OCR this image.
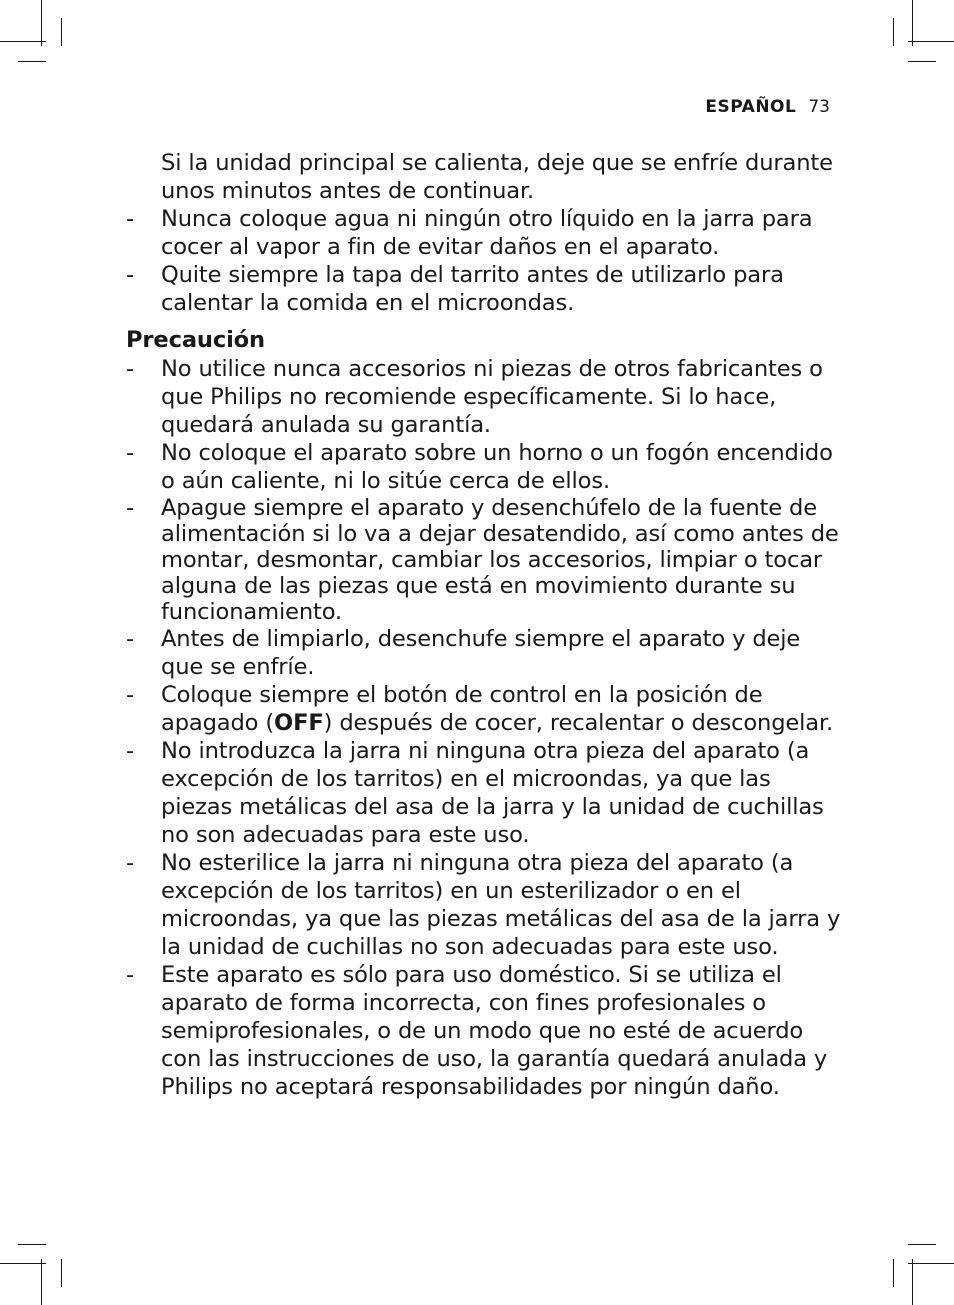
ESPAÑOL 73
Si la unidad principal se calienta, deje que se enfríe durante unos minutos antes de continuar.
-	Nunca coloque agua ni ningún otro líquido en la jarra para cocer al vapor a fin de evitar daños en el aparato.
-	Quite siempre la tapa del tarrito antes de utilizarlo para calentar la comida en el microondas.
Precaución
-	No utilice nunca accesorios ni piezas de otros fabricantes o que Philips no recomiende específicamente. Si lo hace, quedará anulada su garantía.
-	No coloque el aparato sobre un horno o un fogón encendido o aún caliente, ni lo sitúe cerca de ellos.
-	Apague siempre el aparato y desenchúfelo de la fuente de alimentación si lo va a dejar desatendido, así como antes de montar, desmontar, cambiar los accesorios, limpiar o tocar alguna de las piezas que está en movimiento durante su funcionamiento.
-	Antes de limpiarlo, desenchufe siempre el aparato y deje que se enfríe.
-	Coloque siempre el botón de control en la posición de apagado (OFF) después de cocer, recalentar o descongelar.
-	No introduzca la jarra ni ninguna otra pieza del aparato (a excepción de los tarritos) en el microondas, ya que las piezas metálicas del asa de la jarra y la unidad de cuchillas no son adecuadas para este uso.
-	No esterilice la jarra ni ninguna otra pieza del aparato (a excepción de los tarritos) en un esterilizador o en el microondas, ya que las piezas metálicas del asa de la jarra y la unidad de cuchillas no son adecuadas para este uso.
-	Este aparato es sólo para uso doméstico. Si se utiliza el aparato de forma incorrecta, con fines profesionales o semiprofesionales, o de un modo que no esté de acuerdo con las instrucciones de uso, la garantía quedará anulada y Philips no aceptará responsabilidades por ningún daño.
